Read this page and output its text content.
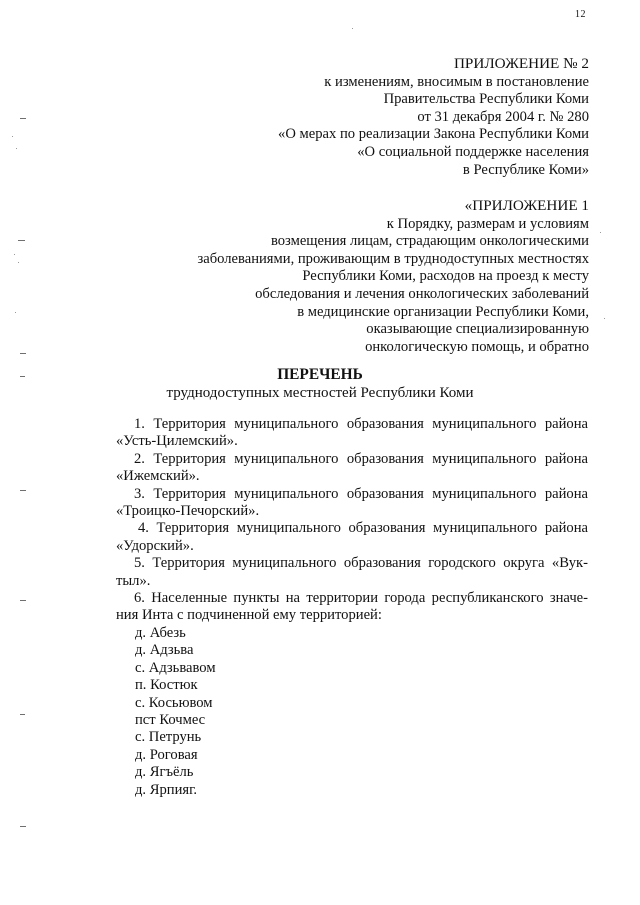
12
ПРИЛОЖЕНИЕ № 2
к изменениям, вносимым в постановление
Правительства Республики Коми
от 31 декабря 2004 г. № 280
«О мерах по реализации Закона Республики Коми
«О социальной поддержке населения
в Республике Коми»
«ПРИЛОЖЕНИЕ 1
к Порядку, размерам и условиям
возмещения лицам, страдающим онкологическими
заболеваниями, проживающим в труднодоступных местностях
Республики Коми, расходов на проезд к месту
обследования и лечения онкологических заболеваний
в медицинские организации Республики Коми,
оказывающие специализированную
онкологическую помощь, и обратно
ПЕРЕЧЕНЬ
труднодоступных местностей Республики Коми
1. Территория муниципального образования муниципального района
«Усть-Цилемский».
2. Территория муниципального образования муниципального района
«Ижемский».
3. Территория муниципального образования муниципального района
«Троицко-Печорский».
4. Территория муниципального образования муниципального района
«Удорский».
5. Территория муниципального образования городского округа «Вук-
тыл».
6. Населенные пункты на территории города республиканского значе-
ния Инта с подчиненной ему территорией:
д. Абезь
д. Адзьва
с. Адзьвавом
п. Костюк
с. Косьювом
пст Кочмес
с. Петрунь
д. Роговая
д. Ягъёль
д. Ярпияг.
